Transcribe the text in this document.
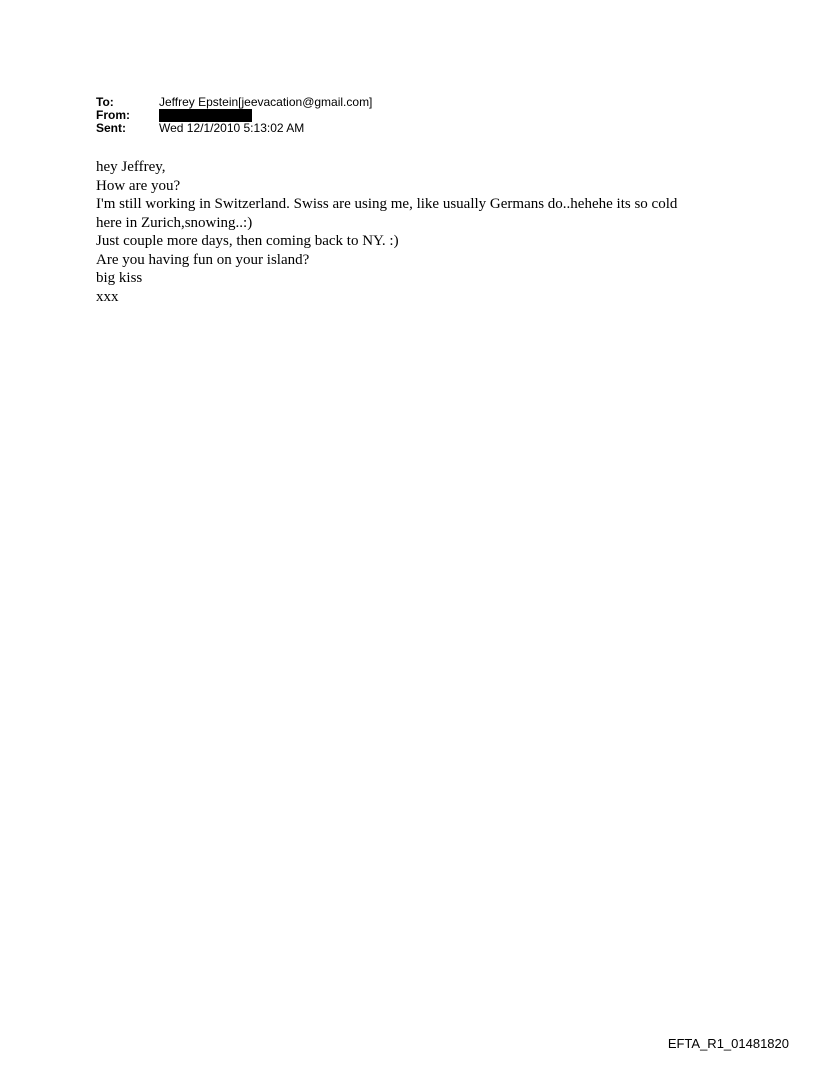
To:	Jeffrey Epstein[jeevacation@gmail.com]
From:
Sent:	Wed 12/1/2010 5:13:02 AM
hey Jeffrey,
How are you?
I'm still working in Switzerland. Swiss are using me, like usually Germans do..hehehe its so cold
here in Zurich,snowing..:)
Just couple more days, then coming back to NY. :)
Are you having fun on your island?
big kiss
xxx
EFTA_R1_01481820
